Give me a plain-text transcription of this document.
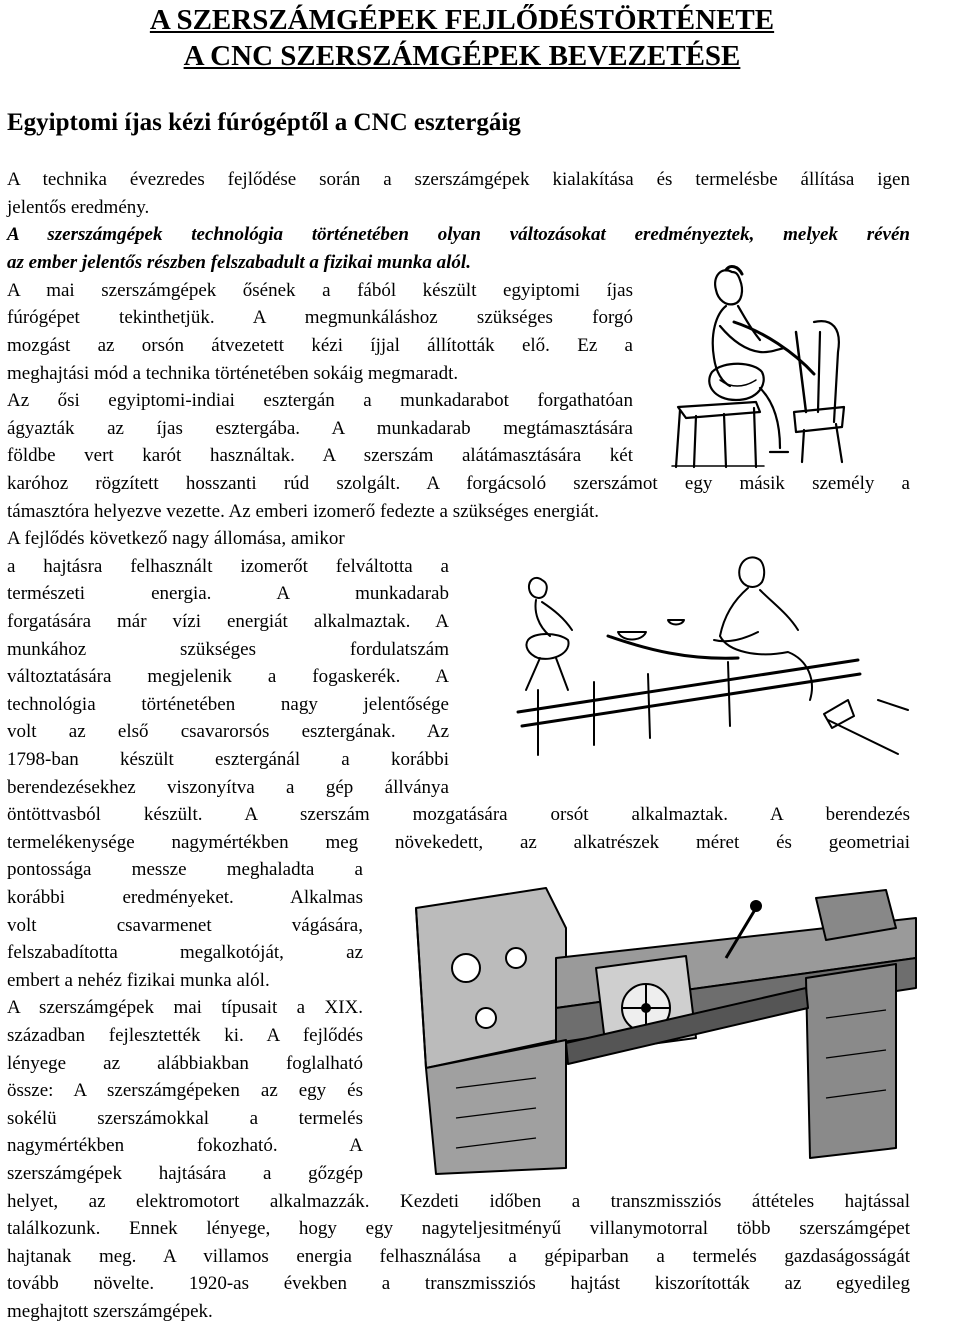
A SZERSZÁMGÉPEK FEJLŐDÉSTÖRTÉNETE
A CNC SZERSZÁMGÉPEK BEVEZETÉSE
Egyiptomi íjas kézi fúrógéptől a CNC esztergáig
A technika évezredes fejlődése során a szerszámgépek kialakítása és termelésbe állítása igen
jelentős eredmény.
A szerszámgépek technológia történetében olyan változásokat eredményeztek, melyek révén
az ember jelentős részben felszabadult a fizikai munka alól.
A mai szerszámgépek ősének a fából készült egyiptomi íjas
fúrógépet tekinthetjük. A megmunkáláshoz szükséges forgó
mozgást az orsón átvezetett kézi íjjal állították elő. Ez a
meghajtási mód a technika történetében sokáig megmaradt.
Az ősi egyiptomi-indiai esztergán a munkadarabot forgathatóan
ágyazták az íjas esztergába. A munkadarab megtámasztására
földbe vert karót használtak. A szerszám alátámasztására két
karóhoz rögzített hosszanti rúd szolgált. A forgácsoló szerszámot egy másik személy a
támasztóra helyezve vezette. Az emberi izomerő fedezte a szükséges energiát.
A fejlődés következő nagy állomása, amikor
a hajtásra felhasznált izomerőt felváltotta a
természeti energia. A munkadarab
forgatására már vízi energiát alkalmaztak. A
munkához szükséges fordulatszám
változtatására megjelenik a fogaskerék. A
technológia történetében nagy jelentősége
volt az első csavarorsós esztergának. Az
1798-ban készült esztergánál a korábbi
berendezésekhez viszonyítva a gép állványa
öntöttvasból készült. A szerszám mozgatására orsót alkalmaztak. A berendezés
termelékenysége nagymértékben meg növekedett, az alkatrészek méret és geometriai
pontossága messze meghaladta a
korábbi eredményeket. Alkalmas
volt csavarmenet vágására,
felszabadította megalkotóját, az
embert a nehéz fizikai munka alól.
A szerszámgépek mai típusait a XIX.
században fejlesztették ki. A fejlődés
lényege az alábbiakban foglalható
össze: A szerszámgépeken az egy és
sokélü szerszámokkal a termelés
nagymértékben fokozható. A
szerszámgépek hajtására a gőzgép
helyet, az elektromotort alkalmazzák. Kezdeti időben a transzmissziós áttételes hajtással
találkozunk. Ennek lényege, hogy egy nagyteljesitményű villanymotorral több szerszámgépet
hajtanak meg. A villamos energia felhasználása a gépiparban a termelés gazdaságosságát
tovább növelte. 1920-as években a transzmissziós hajtást kiszorították az egyedileg
meghajtott szerszámgépek.
